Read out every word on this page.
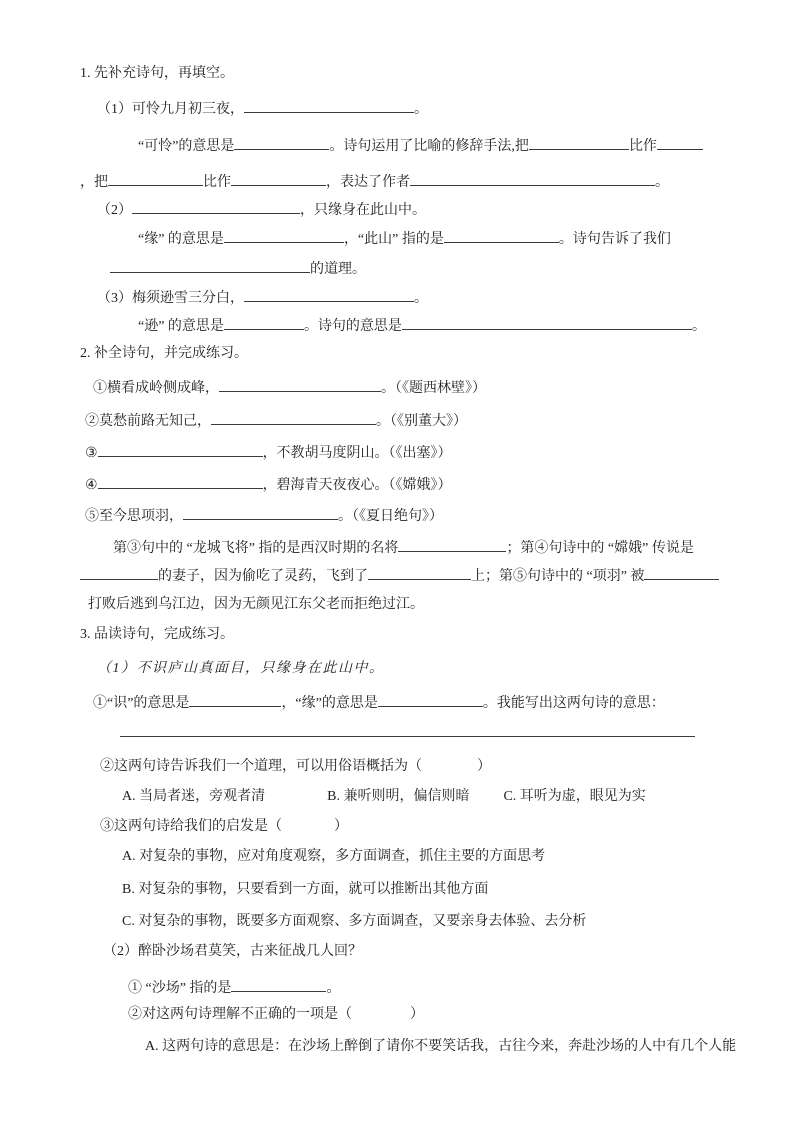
1. 先补充诗句，再填空。
（1）可怜九月初三夜，	。
“可怜”的意思是	。诗句运用了比喻的修辞手法,把	比作
，把	比作	，表达了作者	。
（2）	，只缘身在此山中。
“缘” 的意思是	，“此山” 指的是	。诗句告诉了我们
的道理。
（3）梅须逊雪三分白，	。
“逊” 的意思是	。诗句的意思是	。
2. 补全诗句，并完成练习。
①横看成岭侧成峰，	。（《题西林壁》）
②莫愁前路无知己，	。（《别董大》）
③	，不教胡马度阴山。（《出塞》）
④	，碧海青天夜夜心。（《嫦娥》）
⑤至今思项羽，	。（《夏日绝句》）
第③句中的 “龙城飞将” 指的是西汉时期的名将	；第④句诗中的 “嫦娥” 传说是
的妻子，因为偷吃了灵药，飞到了	上；第⑤句诗中的 “项羽” 被
打败后逃到乌江边，因为无颜见江东父老而拒绝过江。
3. 品读诗句，完成练习。
（1）不识庐山真面目，只缘身在此山中。
①“识”的意思是	，“缘”的意思是	。我能写出这两句诗的意思：
②这两句诗告诉我们一个道理，可以用俗语概括为（	）
A. 当局者迷，旁观者清	B. 兼听则明，偏信则暗 C. 耳听为虚，眼见为实
③这两句诗给我们的启发是（	）
A. 对复杂的事物，应对角度观察，多方面调查，抓住主要的方面思考
B. 对复杂的事物，只要看到一方面，就可以推断出其他方面
C. 对复杂的事物，既要多方面观察、多方面调查，又要亲身去体验、去分析
（2）醉卧沙场君莫笑，古来征战几人回？
① “沙场” 指的是	。
②对这两句诗理解不正确的一项是（	）
A. 这两句诗的意思是：在沙场上醉倒了请你不要笑话我，古往今来，奔赴沙场的人中有几个人能
